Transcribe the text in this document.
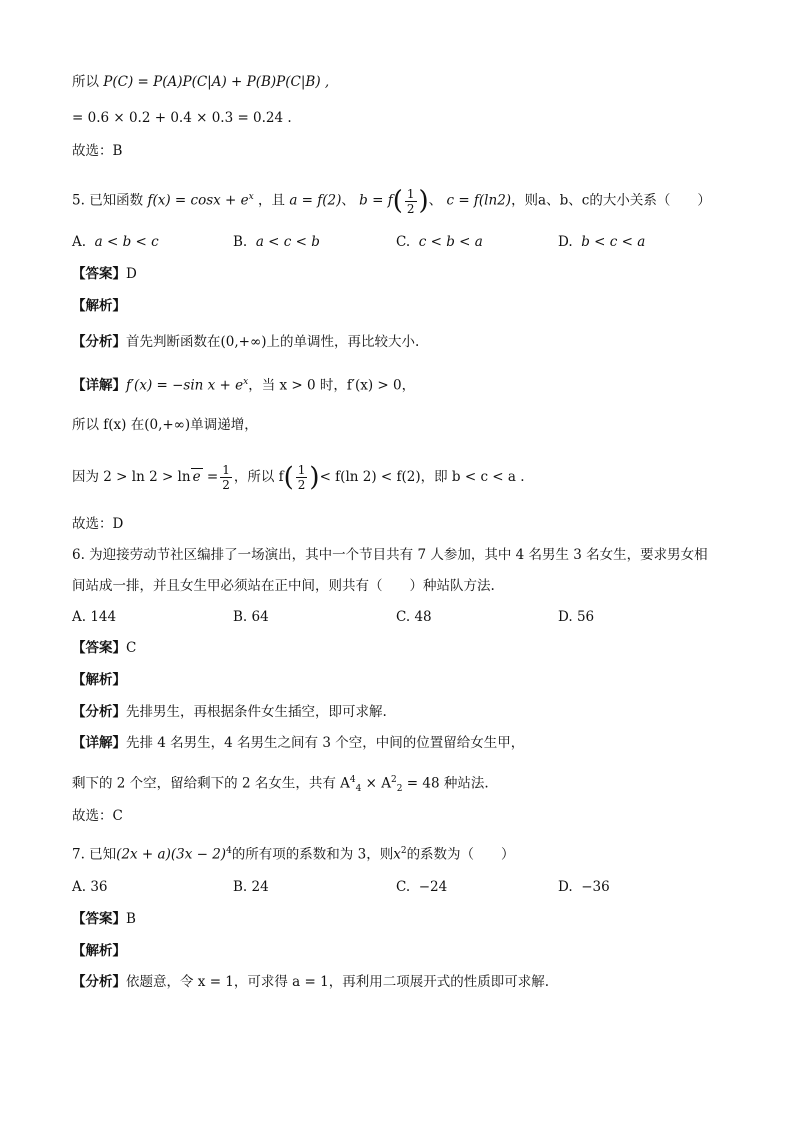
所以 P(C) = P(A)P(C|A) + P(B)P(C|B) ,
= 0.6 × 0.2 + 0.4 × 0.3 = 0.24 .
故选：B
5. 已知函数 $f(x) = \cos x + e^x$ ，且 a = f(2)、 $b = f( \frac{1}{2}$ )、 c = f(ln2)，则a、b、c的大小关系（　　）
A. a < b < c	B. a < c < b	C. c < b < a	D. b < c < a
【答案】D
【解析】
【分析】首先判断函数在(0,+∞)上的单调性，再比较大小.
【详解】f′(x) = −sin $x + e^x$，当 x > 0 时，f′(x) > 0，
所以 f(x) 在(0,+∞)单调递增，
因为 $2 > \ln 2 > \ln e = \frac{1}{2}$ ，所以 $f( \frac{1}{2}$ )< f(ln 2) < f(2)，即 b < c < a .
故选：D
6. 为迎接劳动节社区编排了一场演出，其中一个节目共有 7 人参加，其中 4 名男生 3 名女生，要求男女相
间站成一排，并且女生甲必须站在正中间，则共有（　　）种站队方法.
A. 144	B. 64	C. 48	D. 56
【答案】C
【解析】
【分析】先排男生，再根据条件女生插空，即可求解.
【详解】先排 4 名男生，4 名男生之间有 3 个空，中间的位置留给女生甲，
剩下的 2 个空，留给剩下的 2 名女生，共有 $A^4_4 \times A^2_2 = 48$ 种站法.
故选：C
7. 已知$(2x + a)(3x - 2)^4$的所有项的系数和为 3，则$x^2$的系数为（　　）
A. 36	B. 24	C. −24	D. −36
【答案】B
【解析】
【分析】依题意，令 x = 1，可求得 a = 1，再利用二项展开式的性质即可求解.
